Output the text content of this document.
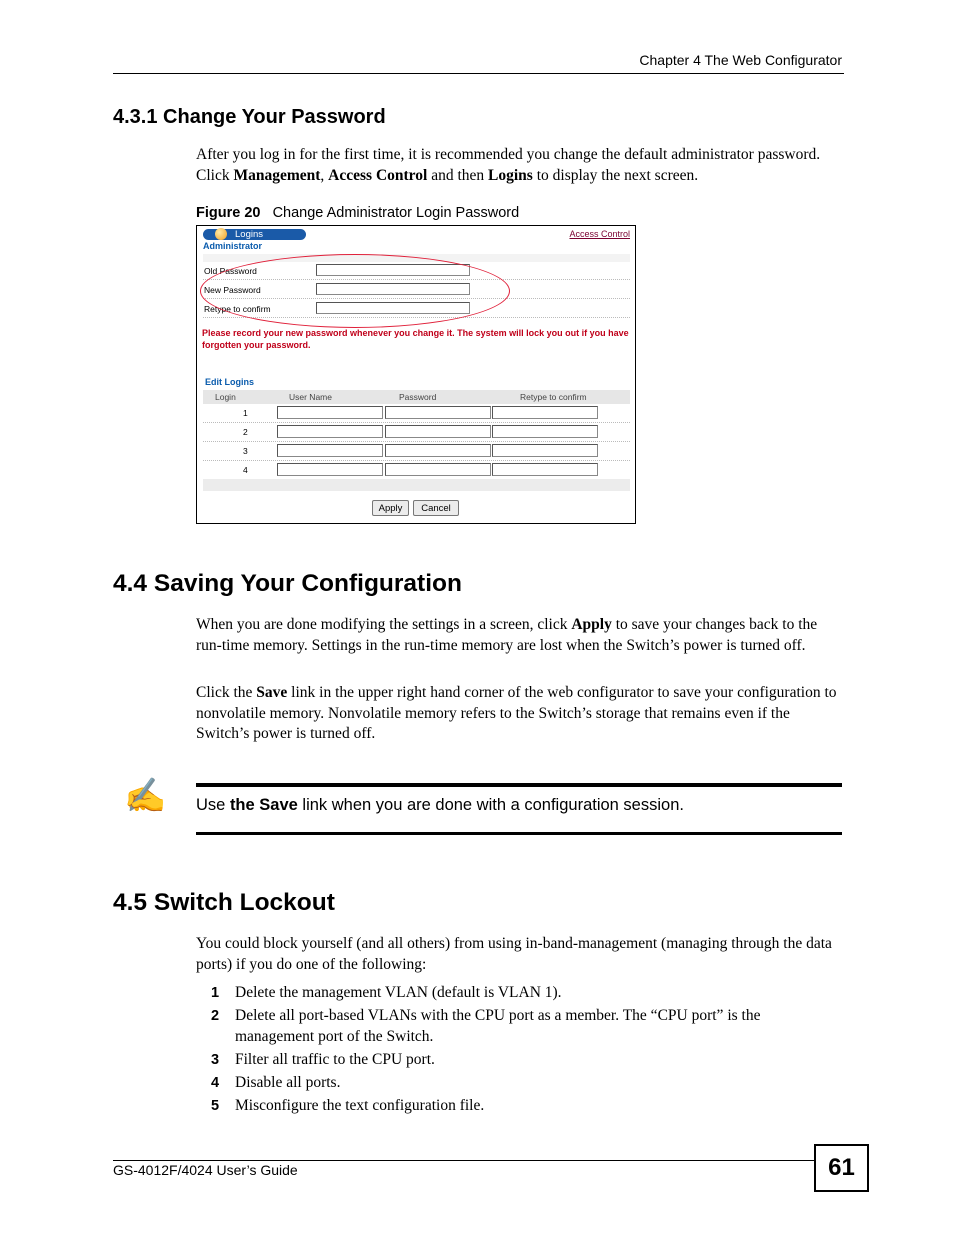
Chapter 4 The Web Configurator
4.3.1 Change Your Password

After you log in for the first time, it is recommended you change the default administrator password. Click Management, Access Control and then Logins to display the next screen.

Figure 20 Change Administrator Login Password
Logins	Access Control
Administrator
Old Password
New Password
Retype to confirm
Please record your new password whenever you change it. The system will lock you out if you have forgotten your password.
Edit Logins
Login	User Name	Password	Retype to confirm
1
2
3
4
Apply	Cancel
4.4 Saving Your Configuration

When you are done modifying the settings in a screen, click Apply to save your changes back to the run-time memory. Settings in the run-time memory are lost when the Switch’s power is turned off.

Click the Save link in the upper right hand corner of the web configurator to save your configuration to nonvolatile memory. Nonvolatile memory refers to the Switch’s storage that remains even if the Switch’s power is turned off.

✍ Use the Save link when you are done with a configuration session.
4.5 Switch Lockout

You could block yourself (and all others) from using in-band-management (managing through the data ports) if you do one of the following:

1 Delete the management VLAN (default is VLAN 1).
2 Delete all port-based VLANs with the CPU port as a member. The “CPU port” is the management port of the Switch.
3 Filter all traffic to the CPU port.
4 Disable all ports.
5 Misconfigure the text configuration file.
GS-4012F/4024 User’s Guide	61
